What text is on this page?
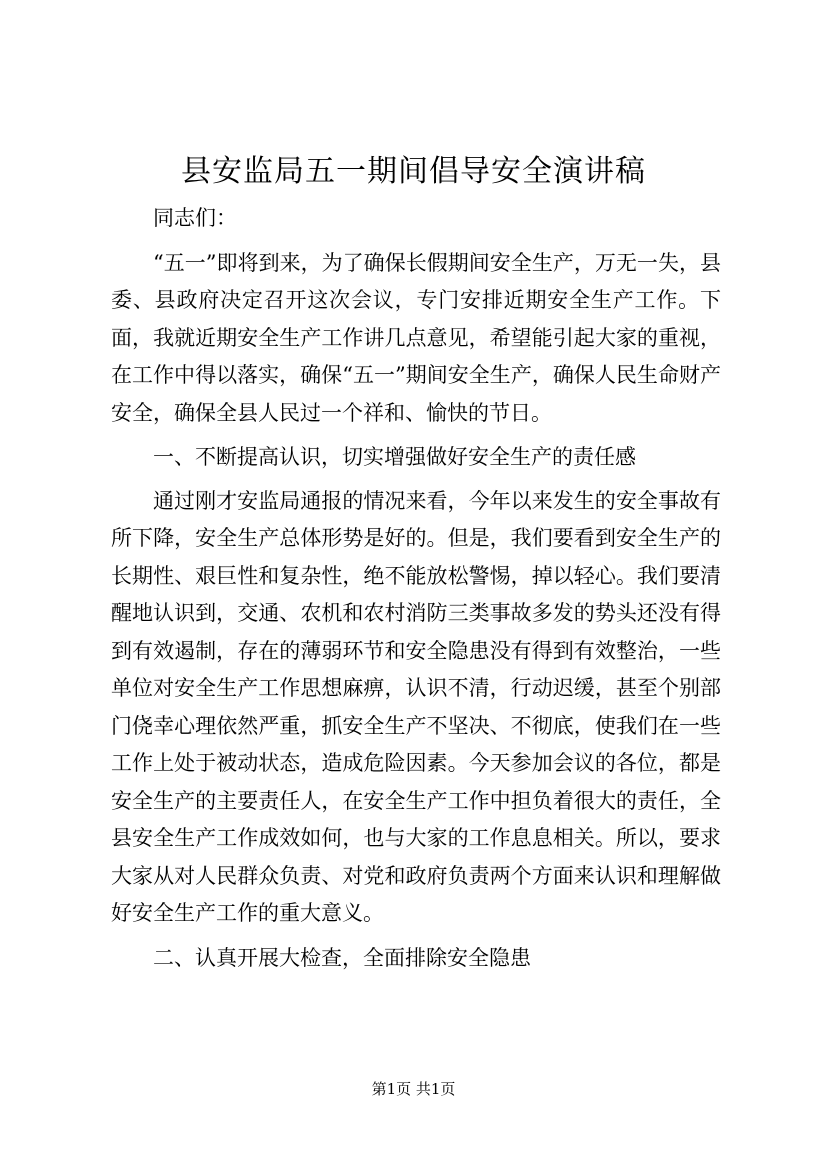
县安监局五一期间倡导安全演讲稿

同志们：

“五一”即将到来，为了确保长假期间安全生产，万无一失，县委、县政府决定召开这次会议，专门安排近期安全生产工作。下面，我就近期安全生产工作讲几点意见，希望能引起大家的重视，在工作中得以落实，确保“五一”期间安全生产，确保人民生命财产安全，确保全县人民过一个祥和、愉快的节日。

一、不断提高认识，切实增强做好安全生产的责任感

通过刚才安监局通报的情况来看，今年以来发生的安全事故有所下降，安全生产总体形势是好的。但是，我们要看到安全生产的长期性、艰巨性和复杂性，绝不能放松警惕，掉以轻心。我们要清醒地认识到，交通、农机和农村消防三类事故多发的势头还没有得到有效遏制，存在的薄弱环节和安全隐患没有得到有效整治，一些单位对安全生产工作思想麻痹，认识不清，行动迟缓，甚至个别部门侥幸心理依然严重，抓安全生产不坚决、不彻底，使我们在一些工作上处于被动状态，造成危险因素。今天参加会议的各位，都是安全生产的主要责任人，在安全生产工作中担负着很大的责任，全县安全生产工作成效如何，也与大家的工作息息相关。所以，要求大家从对人民群众负责、对党和政府负责两个方面来认识和理解做好安全生产工作的重大意义。

二、认真开展大检查，全面排除安全隐患

第1页 共1页
